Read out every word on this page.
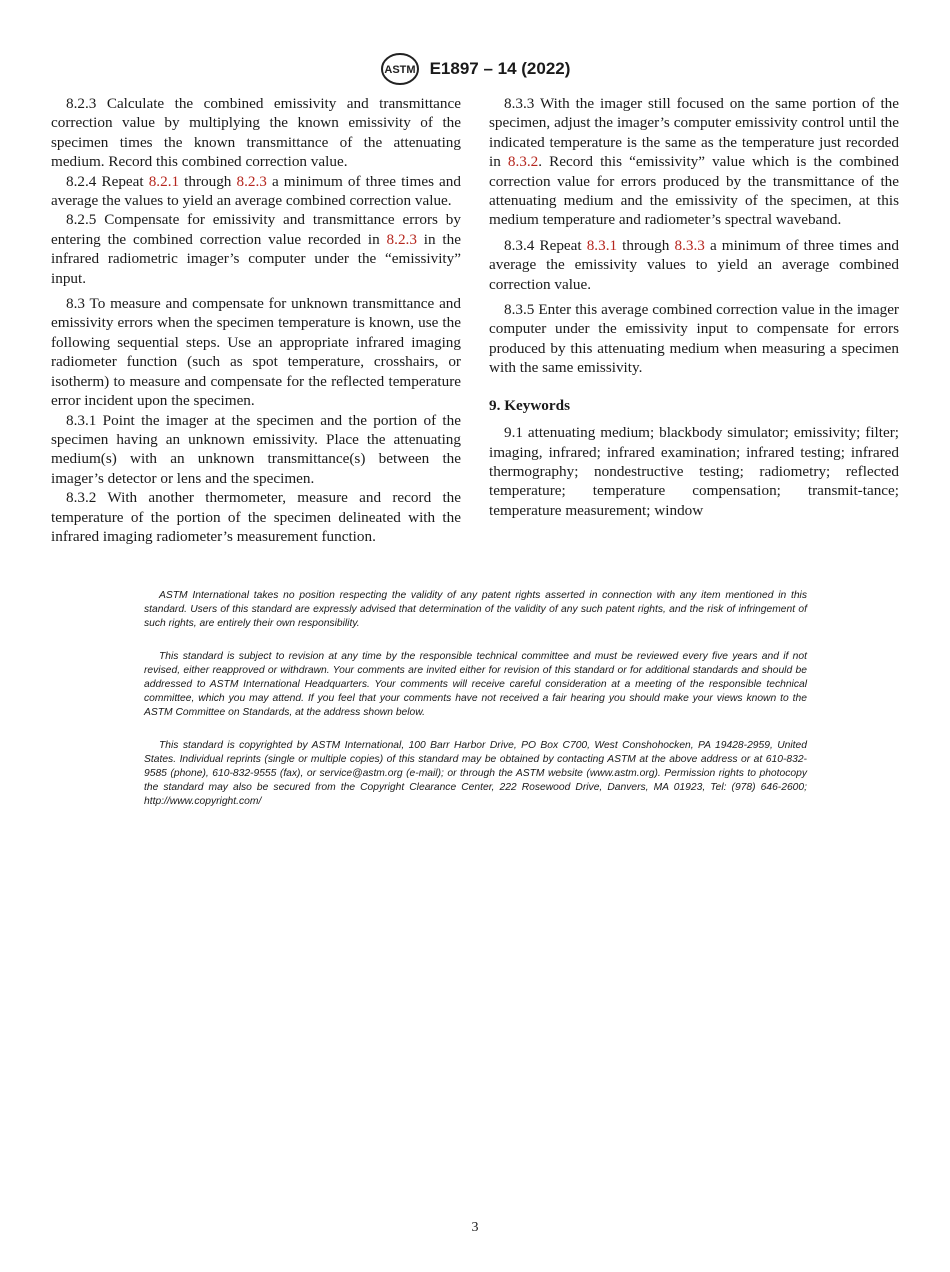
ASTM E1897 – 14 (2022)

8.2.3 Calculate the combined emissivity and transmittance correction value by multiplying the known emissivity of the specimen times the known transmittance of the attenuating medium. Record this combined correction value.

8.2.4 Repeat 8.2.1 through 8.2.3 a minimum of three times and average the values to yield an average combined correction value.

8.2.5 Compensate for emissivity and transmittance errors by entering the combined correction value recorded in 8.2.3 in the infrared radiometric imager’s computer under the “emissivity” input.

8.3 To measure and compensate for unknown transmittance and emissivity errors when the specimen temperature is known, use the following sequential steps. Use an appropriate infrared imaging radiometer function (such as spot temperature, crosshairs, or isotherm) to measure and compensate for the reflected temperature error incident upon the specimen.

8.3.1 Point the imager at the specimen and the portion of the specimen having an unknown emissivity. Place the attenuating medium(s) with an unknown transmittance(s) between the imager’s detector or lens and the specimen.

8.3.2 With another thermometer, measure and record the temperature of the portion of the specimen delineated with the infrared imaging radiometer’s measurement function.

8.3.3 With the imager still focused on the same portion of the specimen, adjust the imager’s computer emissivity control until the indicated temperature is the same as the temperature just recorded in 8.3.2. Record this “emissivity” value which is the combined correction value for errors produced by the transmittance of the attenuating medium and the emissivity of the specimen, at this medium temperature and radiometer’s spectral waveband.

8.3.4 Repeat 8.3.1 through 8.3.3 a minimum of three times and average the emissivity values to yield an average combined correction value.

8.3.5 Enter this average combined correction value in the imager computer under the emissivity input to compensate for errors produced by this attenuating medium when measuring a specimen with the same emissivity.

9. Keywords

9.1 attenuating medium; blackbody simulator; emissivity; filter; imaging, infrared; infrared examination; infrared testing; infrared thermography; nondestructive testing; radiometry; reflected temperature; temperature compensation; transmit-tance; temperature measurement; window

ASTM International takes no position respecting the validity of any patent rights asserted in connection with any item mentioned in this standard. Users of this standard are expressly advised that determination of the validity of any such patent rights, and the risk of infringement of such rights, are entirely their own responsibility.

This standard is subject to revision at any time by the responsible technical committee and must be reviewed every five years and if not revised, either reapproved or withdrawn. Your comments are invited either for revision of this standard or for additional standards and should be addressed to ASTM International Headquarters. Your comments will receive careful consideration at a meeting of the responsible technical committee, which you may attend. If you feel that your comments have not received a fair hearing you should make your views known to the ASTM Committee on Standards, at the address shown below.

This standard is copyrighted by ASTM International, 100 Barr Harbor Drive, PO Box C700, West Conshohocken, PA 19428-2959, United States. Individual reprints (single or multiple copies) of this standard may be obtained by contacting ASTM at the above address or at 610-832-9585 (phone), 610-832-9555 (fax), or service@astm.org (e-mail); or through the ASTM website (www.astm.org). Permission rights to photocopy the standard may also be secured from the Copyright Clearance Center, 222 Rosewood Drive, Danvers, MA 01923, Tel: (978) 646-2600; http://www.copyright.com/

3
